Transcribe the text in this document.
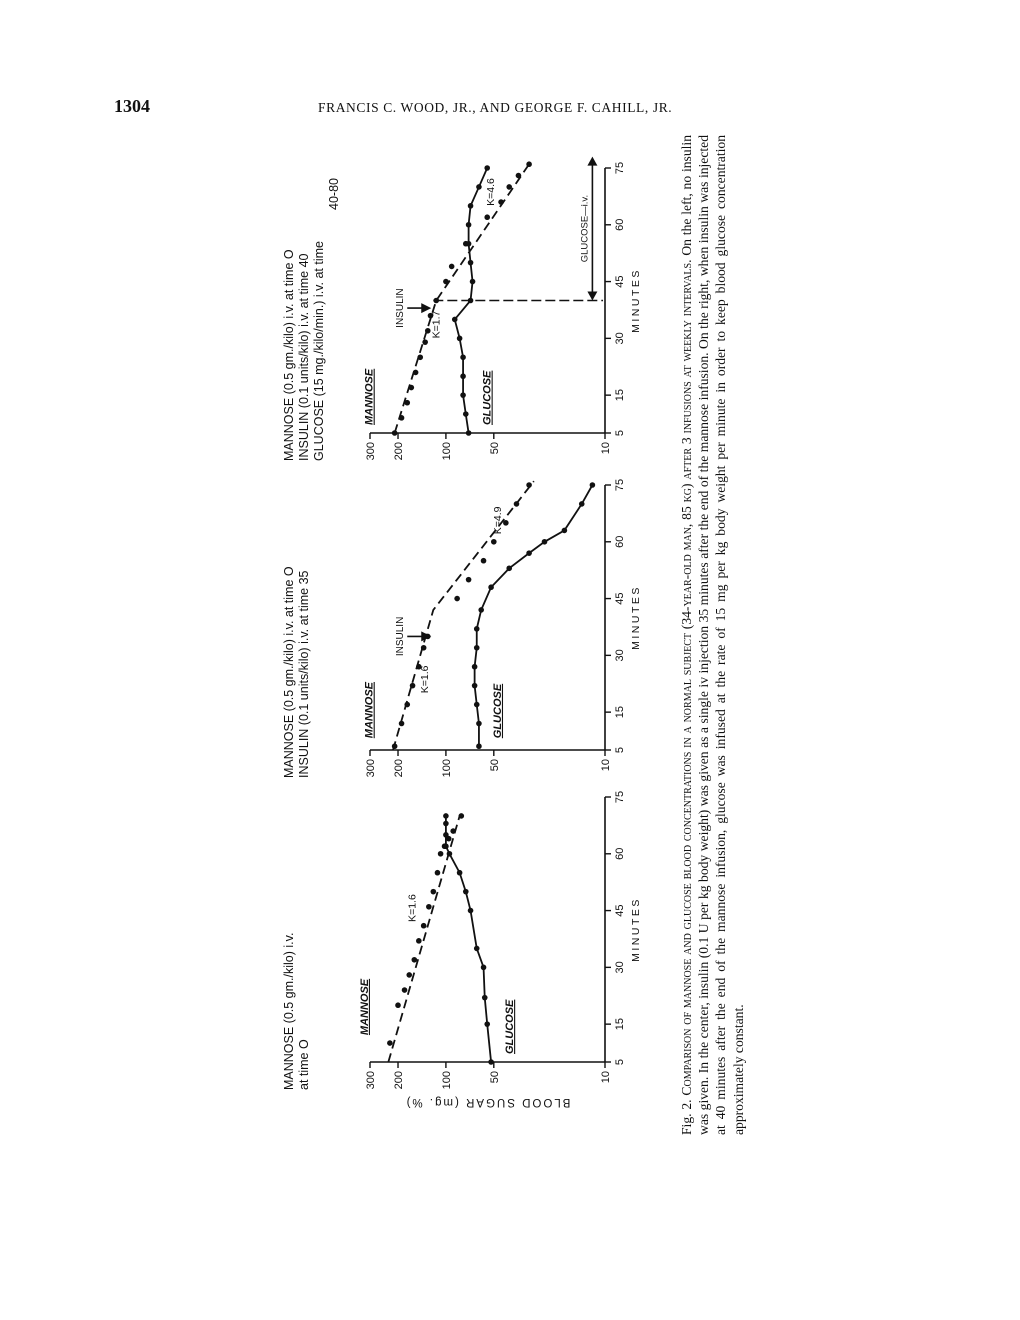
1304	FRANCIS C. WOOD, JR., AND GEORGE F. CAHILL, JR.
10
50
100
200
300
5
15
30
45
60
75
MINUTES
MANNOSE (0.5 gm./kilo) i.v. at time O
MANNOSE	GLUCOSE
K=1.6
10
50
100
200
300
5
15
30
45
60
75
MINUTES
MANNOSE (0.5 gm./kilo) i.v. at time O INSULIN (0.1 units/kilo) i.v. at time 35	MANNOSE	GLUCOSE
K=1.6
K=4.9
INSULIN
10
50
100
200
300
5
15
30
45
60
75
MINUTES
MANNOSE (0.5 gm./kilo) i.v. at time O INSULIN (0.1 units/kilo) i.v. at time 40 GLUCOSE (15 mg./kilo/min.) i.v. at time
40-80
MANNOSE	GLUCOSE
K=1.7
K=4.6
INSULIN
GLUCOSE—i.v.
BLOOD SUGAR (mg. %)	Fig. 2. Comparison of mannose and glucose blood concentrations in a normal subject (34-year-old man, 85 kg) after 3 infusions at weekly intervals. On the left, no insulin was given. In the center, insulin (0.1 U per kg body weight) was given as a single iv injection 35 minutes after the end of the mannose infusion. On the right, when insulin was injected at 40 minutes after the end of the mannose infusion, glucose was infused at the rate of 15 mg per kg body weight per minute in order to keep blood glucose concentration approximately constant.
